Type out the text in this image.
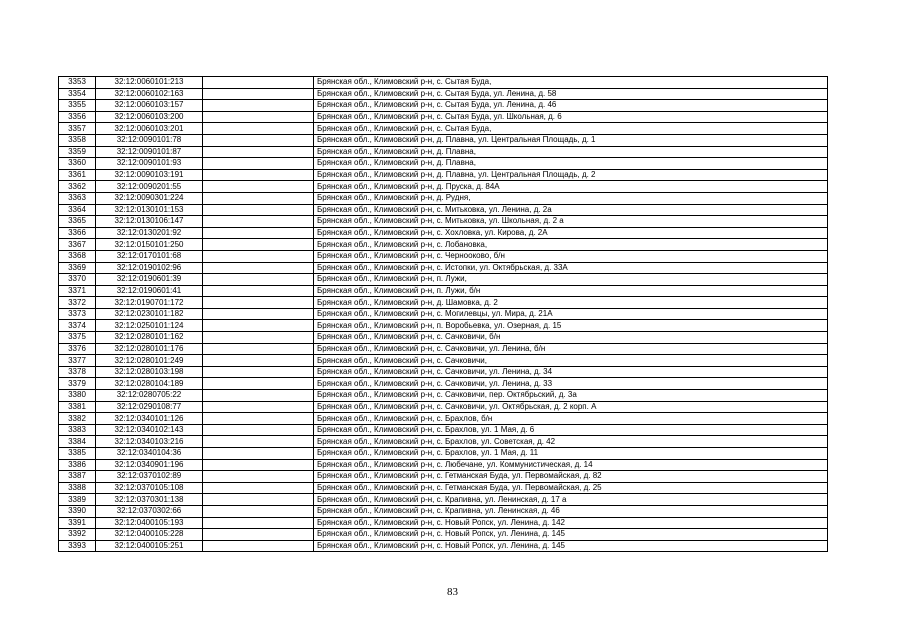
3353	32:12:0060101:213		Брянская обл., Климовский р-н, с. Сытая Буда,
3354	32:12:0060102:163		Брянская обл., Климовский р-н, с. Сытая Буда, ул. Ленина, д. 58
3355	32:12:0060103:157		Брянская обл., Климовский р-н, с. Сытая Буда, ул. Ленина, д. 46
3356	32:12:0060103:200		Брянская обл., Климовский р-н, с. Сытая Буда, ул. Школьная, д. 6
3357	32:12:0060103:201		Брянская обл., Климовский р-н, с. Сытая Буда,
3358	32:12:0090101:78		Брянская обл., Климовский р-н, д. Плавна, ул. Центральная Площадь, д. 1
3359	32:12:0090101:87		Брянская обл., Климовский р-н, д. Плавна,
3360	32:12:0090101:93		Брянская обл., Климовский р-н, д. Плавна,
3361	32:12:0090103:191		Брянская обл., Климовский р-н, д. Плавна, ул. Центральная Площадь, д. 2
3362	32:12:0090201:55		Брянская обл., Климовский р-н, д. Пруска, д. 84А
3363	32:12:0090301:224		Брянская обл., Климовский р-н, д. Рудня,
3364	32:12:0130101:153		Брянская обл., Климовский р-н, с. Митьковка, ул. Ленина, д. 2а
3365	32:12:0130106:147		Брянская обл., Климовский р-н, с. Митьковка, ул. Школьная, д. 2 а
3366	32:12:0130201:92		Брянская обл., Климовский р-н, с. Хохловка, ул. Кирова, д. 2А
3367	32:12:0150101:250		Брянская обл., Климовский р-н, с. Лобановка,
3368	32:12:0170101:68		Брянская обл., Климовский р-н, с. Чернооково, б/н
3369	32:12:0190102:96		Брянская обл., Климовский р-н, с. Истопки, ул. Октябрьская, д. 33А
3370	32:12:0190601:39		Брянская обл., Климовский р-н, п. Лужи,
3371	32:12:0190601:41		Брянская обл., Климовский р-н, п. Лужи, б/н
3372	32:12:0190701:172		Брянская обл., Климовский р-н, д. Шамовка, д. 2
3373	32:12:0230101:182		Брянская обл., Климовский р-н, с. Могилевцы, ул. Мира, д. 21А
3374	32:12:0250101:124		Брянская обл., Климовский р-н, п. Воробьевка, ул. Озерная, д. 15
3375	32:12:0280101:162		Брянская обл., Климовский р-н, с. Сачковичи, б/н
3376	32:12:0280101:176		Брянская обл., Климовский р-н, с. Сачковичи, ул. Ленина, б/н
3377	32:12:0280101:249		Брянская обл., Климовский р-н, с. Сачковичи,
3378	32:12:0280103:198		Брянская обл., Климовский р-н, с. Сачковичи, ул. Ленина, д. 34
3379	32:12:0280104:189		Брянская обл., Климовский р-н, с. Сачковичи, ул. Ленина, д. 33
3380	32:12:0280705:22		Брянская обл., Климовский р-н, с. Сачковичи, пер. Октябрьский, д. 3а
3381	32:12:0290108:77		Брянская обл., Климовский р-н, с. Сачковичи, ул. Октябрьская, д. 2 корп. А
3382	32:12:0340101:126		Брянская обл., Климовский р-н, с. Брахлов, б/н
3383	32:12:0340102:143		Брянская обл., Климовский р-н, с. Брахлов, ул. 1 Мая, д. 6
3384	32:12:0340103:216		Брянская обл., Климовский р-н, с. Брахлов, ул. Советская, д. 42
3385	32:12:0340104:36		Брянская обл., Климовский р-н, с. Брахлов, ул. 1 Мая, д. 11
3386	32:12:0340901:196		Брянская обл., Климовский р-н, с. Любечане, ул. Коммунистическая, д. 14
3387	32:12:0370102:89		Брянская обл., Климовский р-н, с. Гетманская Буда, ул. Первомайская, д. 82
3388	32:12:0370105:108		Брянская обл., Климовский р-н, с. Гетманская Буда, ул. Первомайская, д. 25
3389	32:12:0370301:138		Брянская обл., Климовский р-н, с. Крапивна, ул. Ленинская, д. 17 а
3390	32:12:0370302:66		Брянская обл., Климовский р-н, с. Крапивна, ул. Ленинская, д. 46
3391	32:12:0400105:193		Брянская обл., Климовский р-н, с. Новый Ропск, ул. Ленина, д. 142
3392	32:12:0400105:228		Брянская обл., Климовский р-н, с. Новый Ропск, ул. Ленина, д. 145
3393	32:12:0400105:251		Брянская обл., Климовский р-н, с. Новый Ропск, ул. Ленина, д. 145
83
